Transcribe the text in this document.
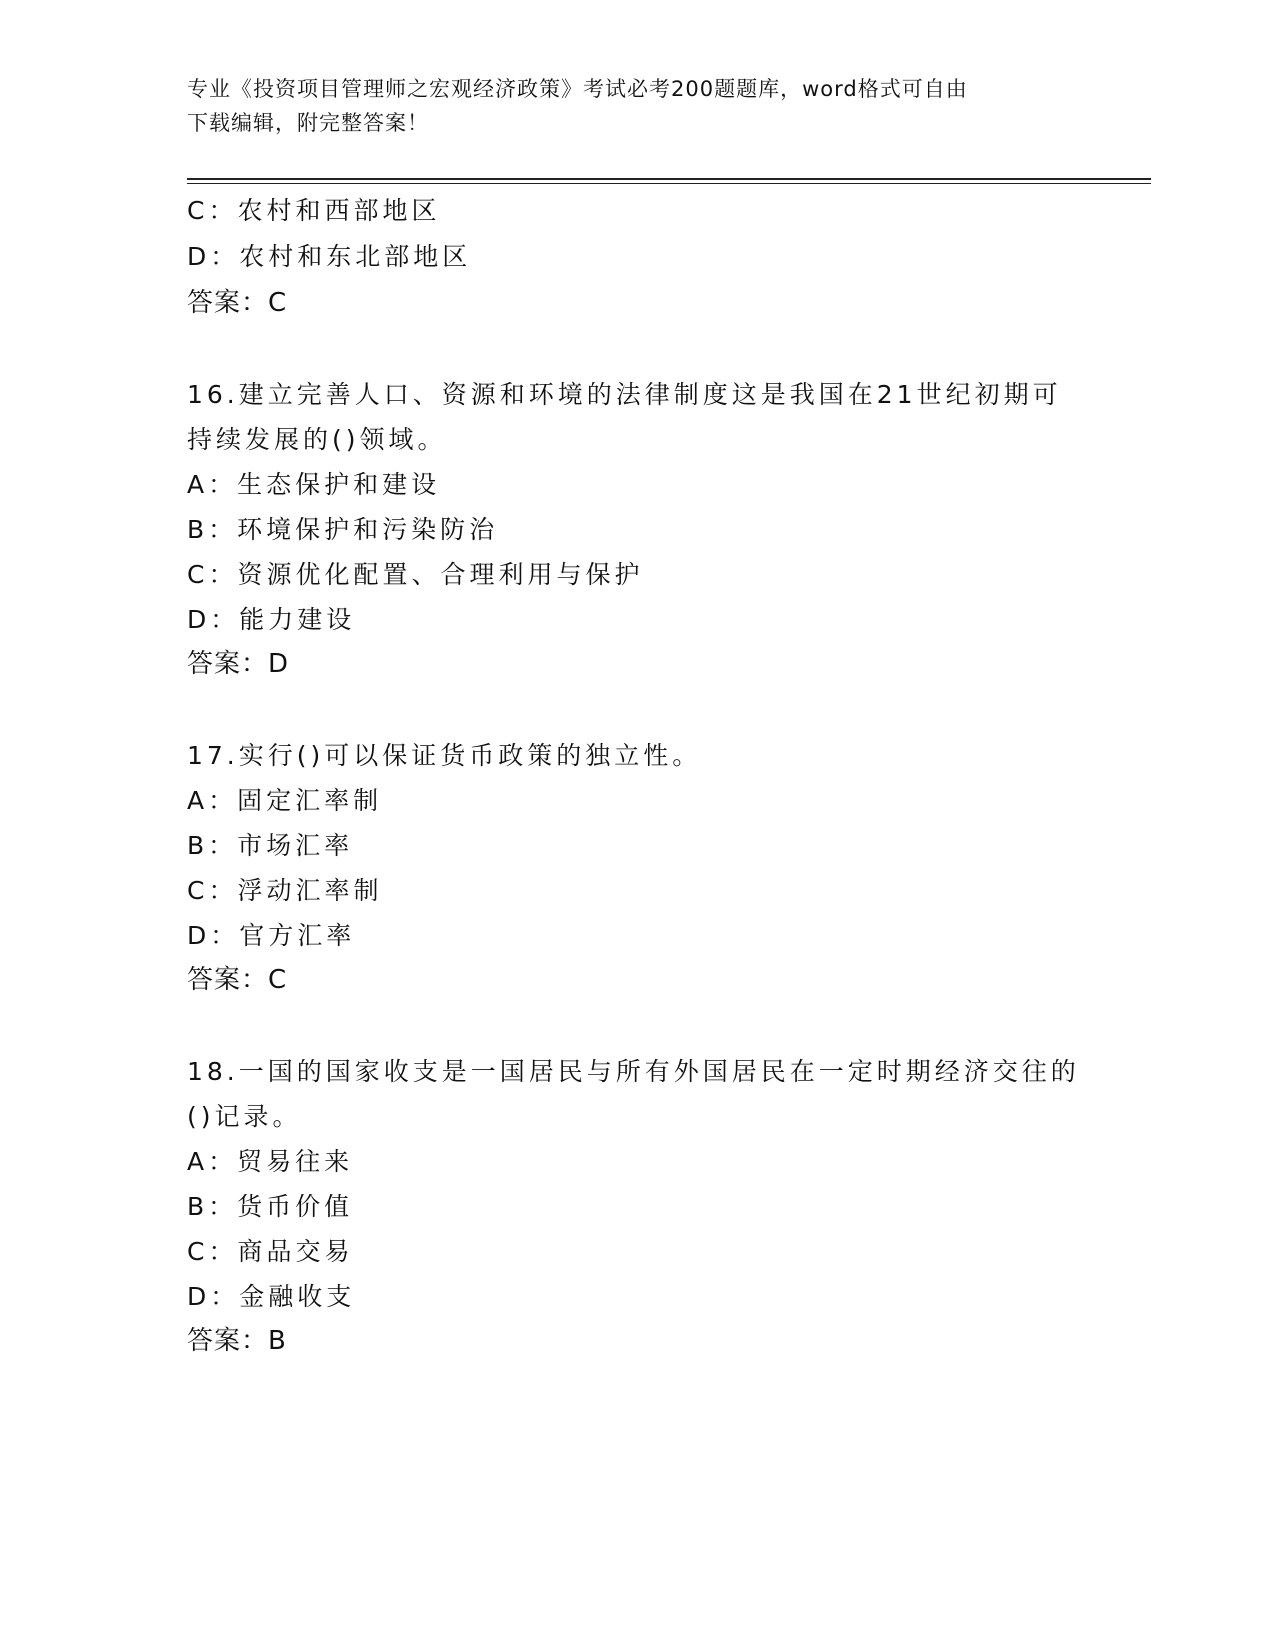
专业《投资项目管理师之宏观经济政策》考试必考200题题库，word格式可自由
下载编辑，附完整答案！
C：农村和西部地区
D：农村和东北部地区
答案：C
16.建立完善人口、资源和环境的法律制度这是我国在21世纪初期可
持续发展的()领域。
A：生态保护和建设
B：环境保护和污染防治
C：资源优化配置、合理利用与保护
D：能力建设
答案：D
17.实行()可以保证货币政策的独立性。
A：固定汇率制
B：市场汇率
C：浮动汇率制
D：官方汇率
答案：C
18.一国的国家收支是一国居民与所有外国居民在一定时期经济交往的
()记录。
A：贸易往来
B：货币价值
C：商品交易
D：金融收支
答案：B
